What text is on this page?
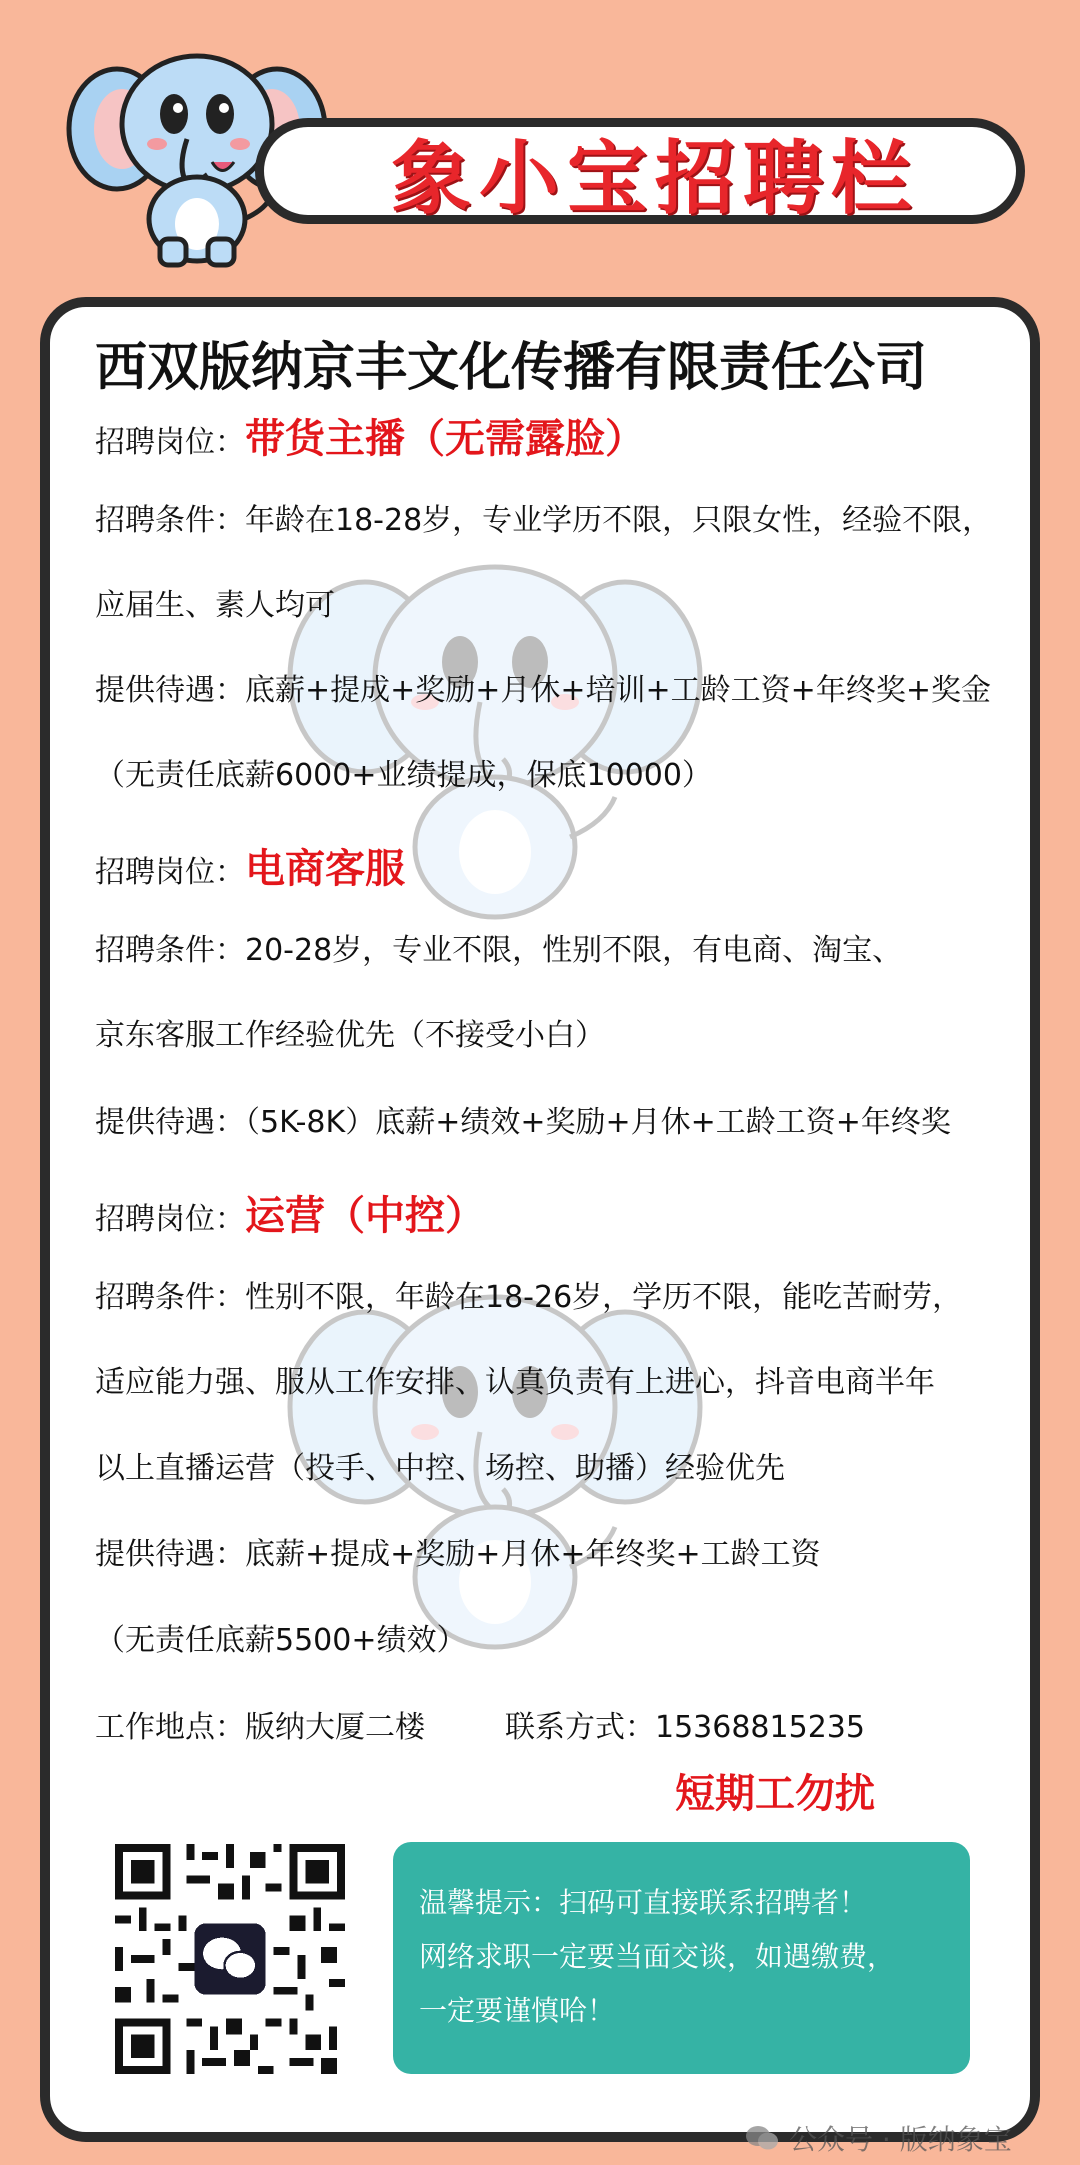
象小宝招聘栏
西双版纳京丰文化传播有限责任公司
招聘岗位：带货主播（无需露脸）
招聘条件：年龄在18-28岁，专业学历不限，只限女性，经验不限，
应届生、素人均可
提供待遇：底薪+提成+奖励+月休+培训+工龄工资+年终奖+奖金
（无责任底薪6000+业绩提成，保底10000）
招聘岗位：电商客服
招聘条件：20-28岁，专业不限，性别不限，有电商、淘宝、
京东客服工作经验优先（不接受小白）
提供待遇：（5K-8K）底薪+绩效+奖励+月休+工龄工资+年终奖
招聘岗位：运营（中控）
招聘条件：性别不限，年龄在18-26岁，学历不限，能吃苦耐劳，
适应能力强、服从工作安排、认真负责有上进心，抖音电商半年
以上直播运营（投手、中控、场控、助播）经验优先
提供待遇：底薪+提成+奖励+月休+年终奖+工龄工资
（无责任底薪5500+绩效）
工作地点：版纳大厦二楼	联系方式：15368815235
短期工勿扰
温馨提示：扫码可直接联系招聘者！
网络求职一定要当面交谈，如遇缴费，
一定要谨慎哈！
公众号 · 版纳象宝
